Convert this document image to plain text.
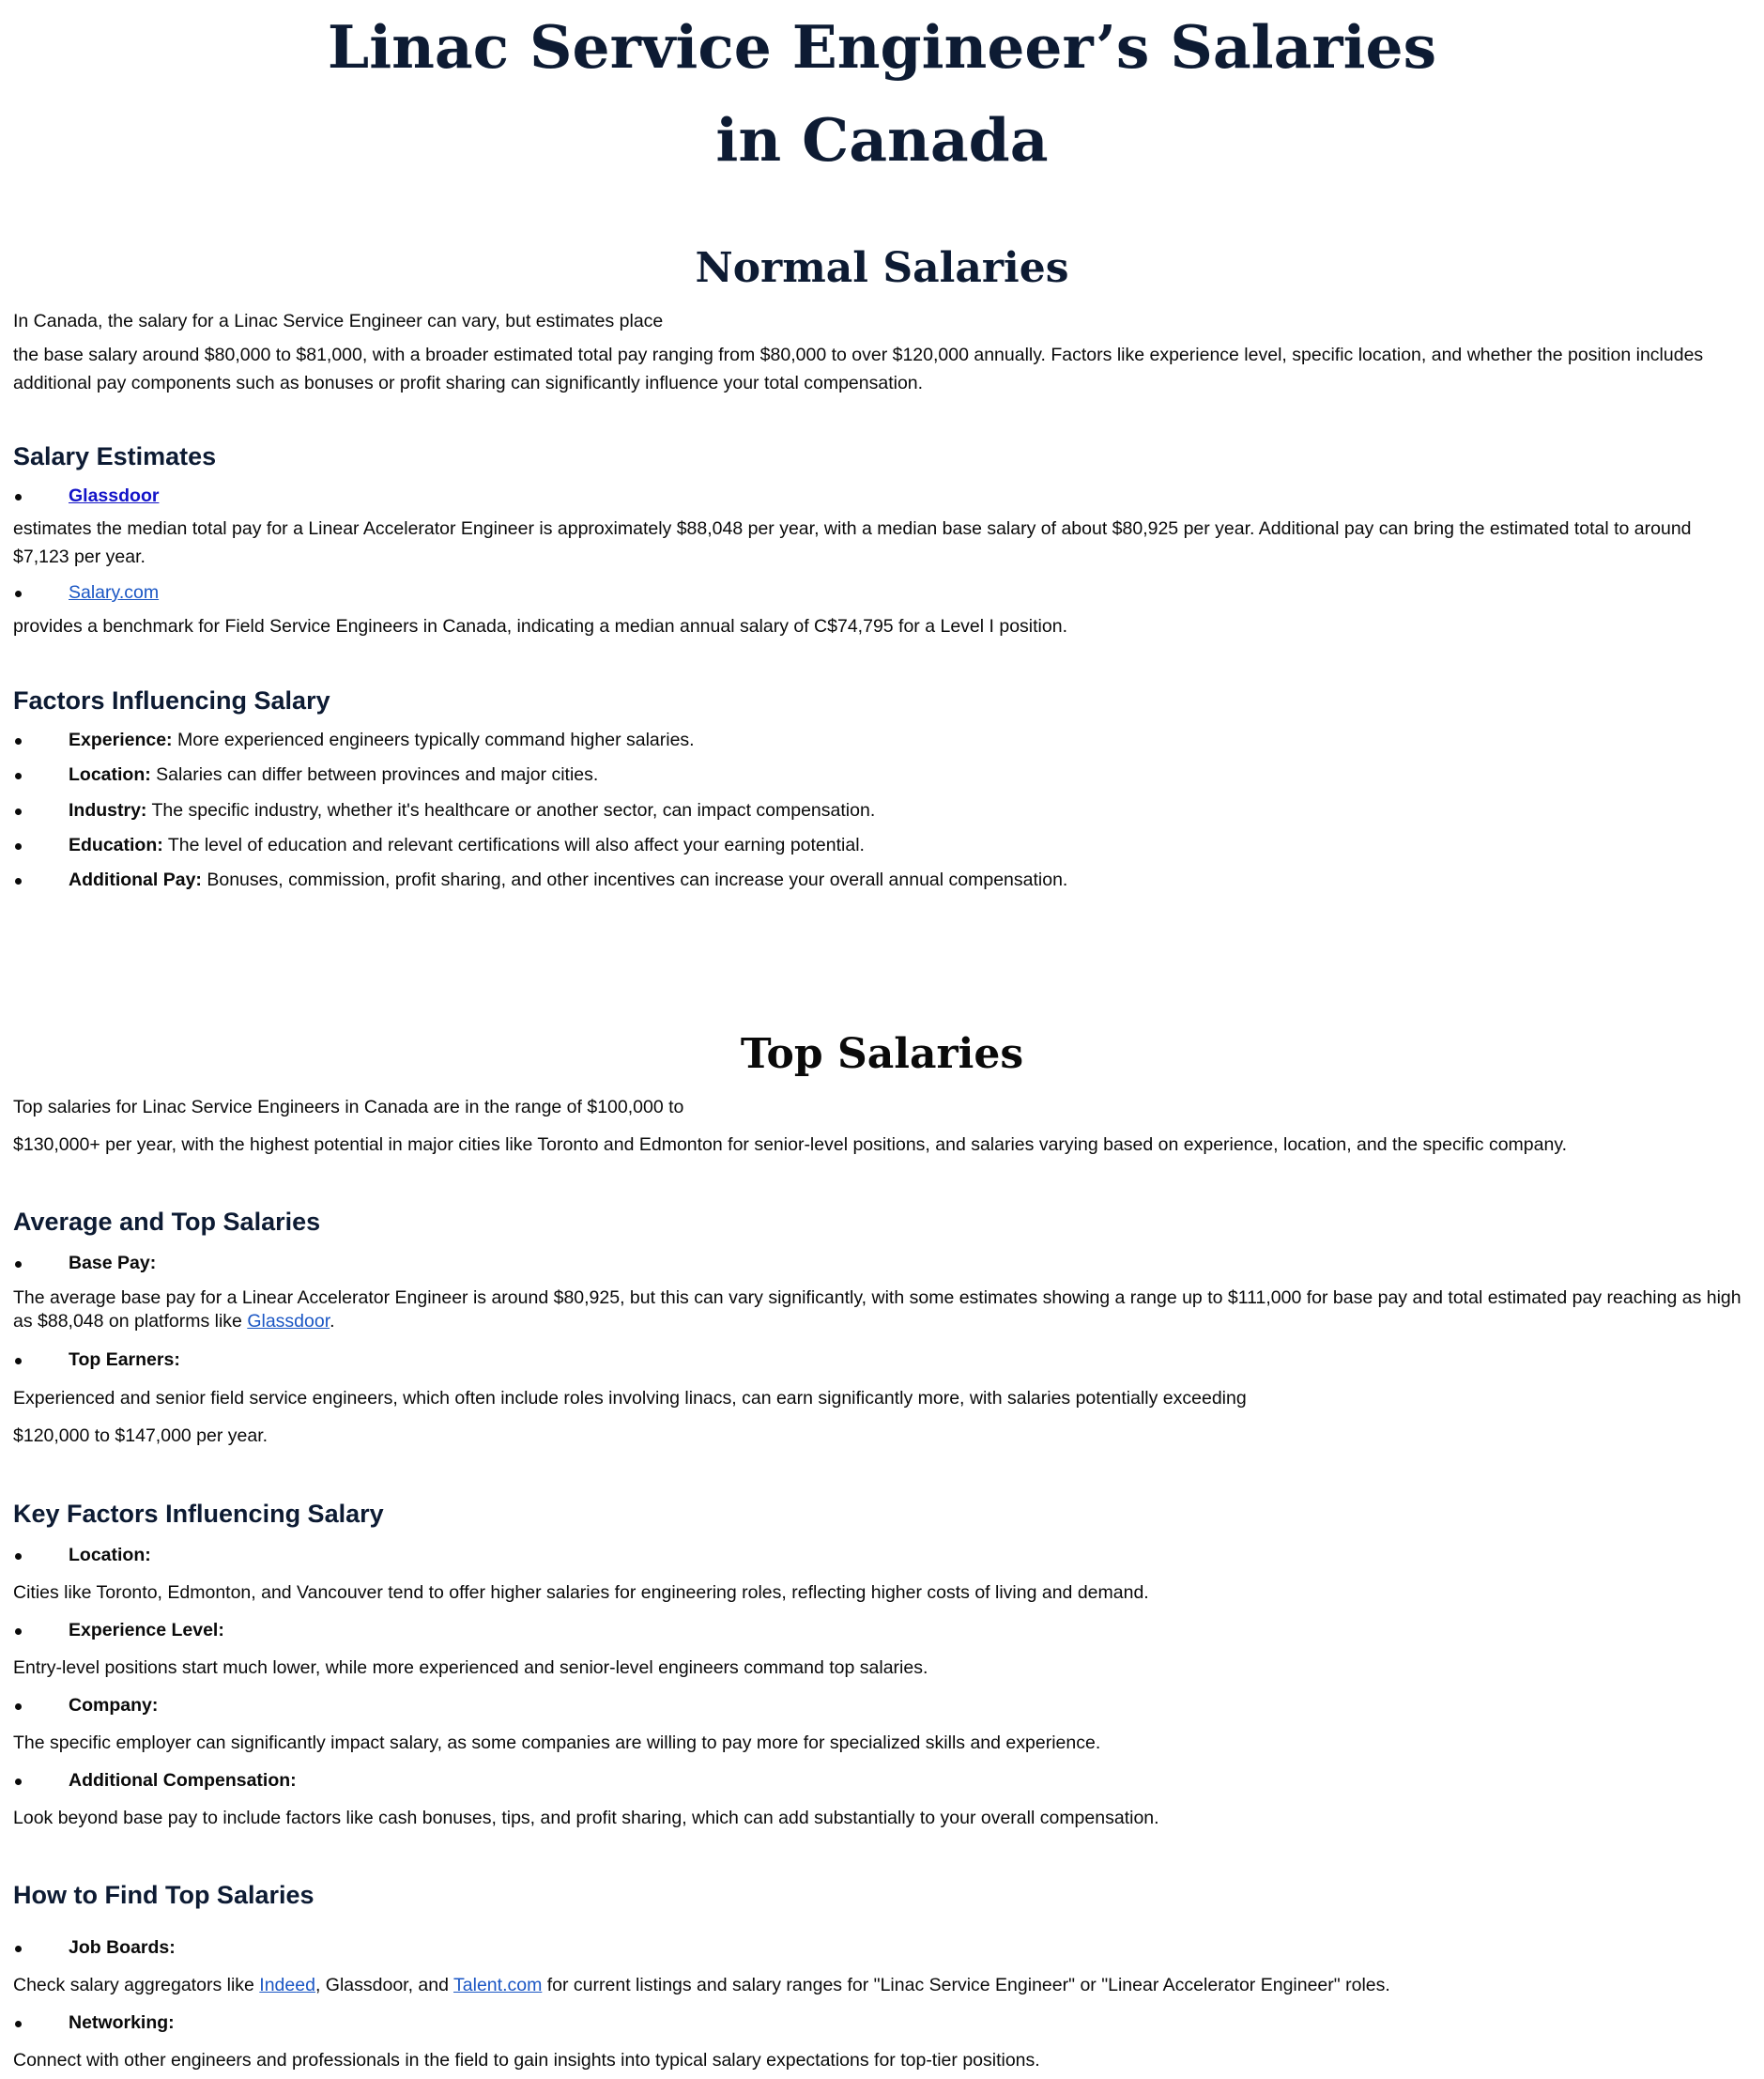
Linac Service Engineer’s Salaries
in Canada
Normal Salaries

In Canada, the salary for a Linac Service Engineer can vary, but estimates place

the base salary around $80,000 to $81,000, with a broader estimated total pay ranging from $80,000 to over $120,000 annually. Factors like experience level, specific location, and whether the position includes additional pay components such as bonuses or profit sharing can significantly influence your total compensation.

Salary Estimates
Glassdoor

estimates the median total pay for a Linear Accelerator Engineer is approximately $88,048 per year, with a median base salary of about $80,925 per year. Additional pay can bring the estimated total to around $7,123 per year.

Salary.com

provides a benchmark for Field Service Engineers in Canada, indicating a median annual salary of C$74,795 for a Level I position.

Factors Influencing Salary
Experience: More experienced engineers typically command higher salaries.
Location: Salaries can differ between provinces and major cities.
Industry: The specific industry, whether it's healthcare or another sector, can impact compensation.
Education: The level of education and relevant certifications will also affect your earning potential.
Additional Pay: Bonuses, commission, profit sharing, and other incentives can increase your overall annual compensation.
Top Salaries

Top salaries for Linac Service Engineers in Canada are in the range of $100,000 to

$130,000+ per year, with the highest potential in major cities like Toronto and Edmonton for senior-level positions, and salaries varying based on experience, location, and the specific company.

Average and Top Salaries
Base Pay:

The average base pay for a Linear Accelerator Engineer is around $80,925, but this can vary significantly, with some estimates showing a range up to $111,000 for base pay and total estimated pay reaching as high as $88,048 on platforms like Glassdoor.

Top Earners:

Experienced and senior field service engineers, which often include roles involving linacs, can earn significantly more, with salaries potentially exceeding

$120,000 to $147,000 per year.

Key Factors Influencing Salary
Location:

Cities like Toronto, Edmonton, and Vancouver tend to offer higher salaries for engineering roles, reflecting higher costs of living and demand.

Experience Level:

Entry-level positions start much lower, while more experienced and senior-level engineers command top salaries.

Company:

The specific employer can significantly impact salary, as some companies are willing to pay more for specialized skills and experience.

Additional Compensation:

Look beyond base pay to include factors like cash bonuses, tips, and profit sharing, which can add substantially to your overall compensation.

How to Find Top Salaries
Job Boards:

Check salary aggregators like Indeed, Glassdoor, and Talent.com for current listings and salary ranges for "Linac Service Engineer" or "Linear Accelerator Engineer" roles.

Networking:

Connect with other engineers and professionals in the field to gain insights into typical salary expectations for top-tier positions.
